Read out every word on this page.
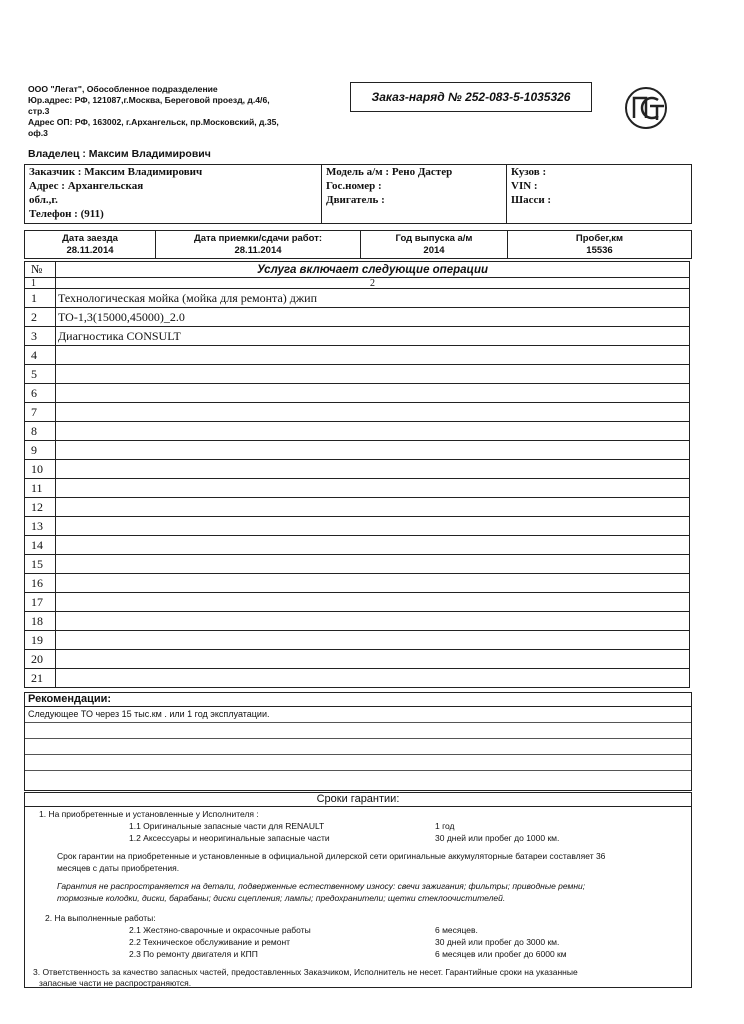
ООО "Легат", Обособленное подразделение
Юр.адрес: РФ, 121087,г.Москва, Береговой проезд, д.4/6,
стр.3
Адрес ОП: РФ, 163002, г.Архангельск, пр.Московский, д.35,
оф.3
Заказ-наряд № 252-083-5-1035326
Владелец : Максим Владимирович
Заказчик : Максим Владимирович
Адрес : Архангельская
обл.,г.
Телефон : (911)
Модель а/м : Рено Дастер
Гос.номер :
Двигатель :
Кузов :
VIN :
Шасси :
Дата заезда
28.11.2014
Дата приемки/сдачи работ:
28.11.2014
Год выпуска а/м
2014
Пробег,км
15536
№	Услуга включает следующие операции
1	2
1	Технологическая мойка (мойка для ремонта) джип
2	ТО-1,3(15000,45000)_2.0
3	Диагностика CONSULT
4	
5	
6	
7	
8	
9	
10	
11	
12	
13	
14	
15	
16	
17	
18	
19	
20	
21	
Рекомендации:
Следующее ТО через 15 тыс.км . или 1 год эксплуатации.
Сроки гарантии:
1. На приобретенные и установленные у Исполнителя :
1.1 Оригинальные запасные части для RENAULT	1 год
1.2 Аксессуары и неоригинальные запасные части	30 дней или пробег до 1000 км.
Срок гарантии на приобретенные и установленные в официальной дилерской сети оригинальные аккумуляторные батареи составляет 36
месяцев с даты приобретения.
Гарантия не распространяется на детали, подверженные естественному износу: свечи зажигания; фильтры; приводные ремни;
тормозные колодки, диски, барабаны; диски сцепления; лампы; предохранители; щетки стеклоочистителей.
2. На выполненные работы:
2.1 Жестяно-сварочные и окрасочные работы	6 месяцев.
2.2 Техническое обслуживание и ремонт	30 дней или пробег до 3000 км.
2.3 По ремонту двигателя и КПП	6 месяцев или пробег до 6000 км
3. Ответственность за качество запасных частей, предоставленных Заказчиком, Исполнитель не несет. Гарантийные сроки на указанные
запасные части не распространяются.
